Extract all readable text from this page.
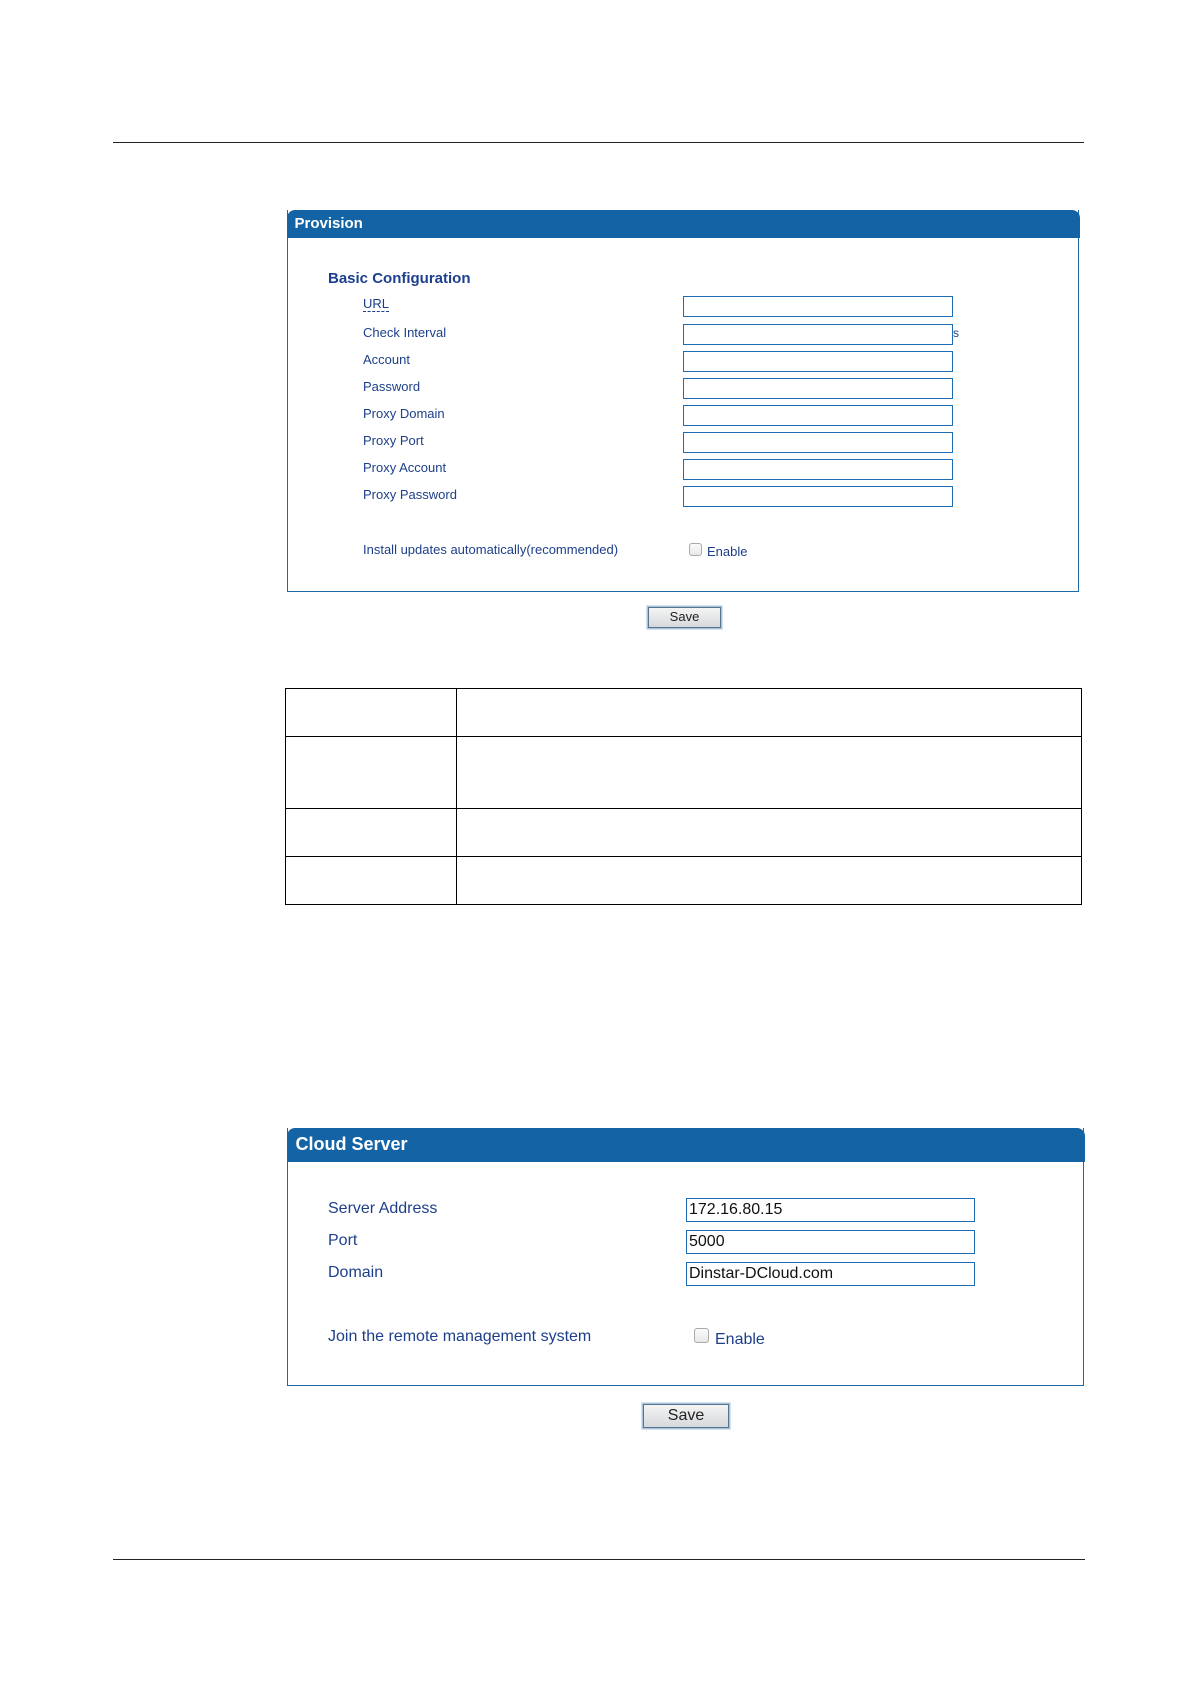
Provision
Basic Configuration
URL
Check Interval	s
Account
Password
Proxy Domain
Proxy Port
Proxy Account
Proxy Password
Install updates automatically(recommended)	Enable
Save

Cloud Server
Server Address	172.16.80.15
Port	5000
Domain	Dinstar-DCloud.com
Join the remote management system	Enable
Save
